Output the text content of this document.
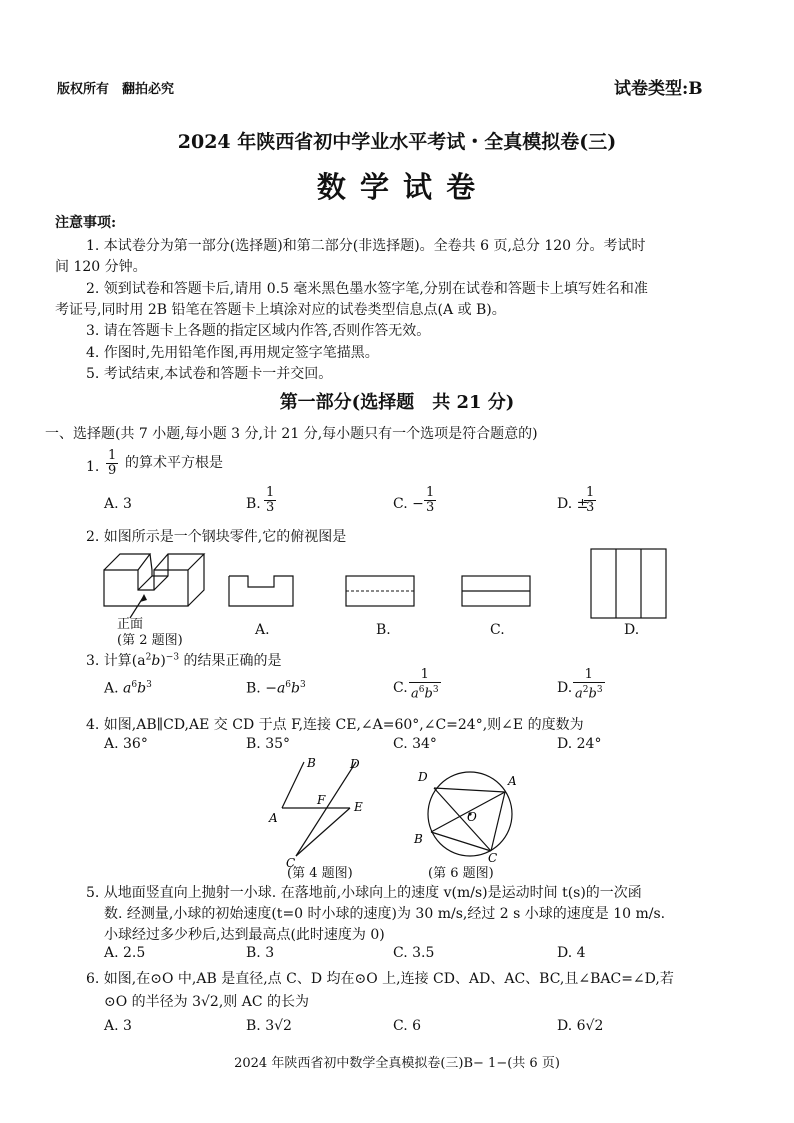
版权所有　翻拍必究	试卷类型:B
2024 年陕西省初中学业水平考试・全真模拟卷(三)
数 学 试 卷
注意事项:
1. 本试卷分为第一部分(选择题)和第二部分(非选择题)。全卷共 6 页,总分 120 分。考试时
间 120 分钟。
2. 领到试卷和答题卡后,请用 0.5 毫米黑色墨水签字笔,分别在试卷和答题卡上填写姓名和准
考证号,同时用 2B 铅笔在答题卡上填涂对应的试卷类型信息点(A 或 B)。
3. 请在答题卡上各题的指定区域内作答,否则作答无效。
4. 作图时,先用铅笔作图,再用规定签字笔描黑。
5. 考试结束,本试卷和答题卡一并交回。
第一部分(选择题　共 21 分)
一、选择题(共 7 小题,每小题 3 分,计 21 分,每小题只有一个选项是符合题意的)
1. $\frac{1}{9}$ 的算术平方根是
A. 3	B. $\frac{1}{3}$	C. − $\frac{1}{3}$	D. ±
$\frac{1}{3}$
2. 如图所示是一个钢块零件,它的俯视图是
正面
(第 2 题图)
A.	B.	C.	D.
3. 计算$(a^2b)^{-3}$ 的结果正确的是
A. $a^6b^3$	B. $-a^6b^3$	C. $\frac{1}{a^6b^3}$	D. $\frac{1}{a^2b^3}$
4. 如图,AB∥CD,AE 交 CD 于点 F,连接 CE,∠A=60°,∠C=24°,则∠E 的度数为
A. 36°	B. 35°	C. 34°	D. 24°
B	D
A
F E
C
(第 4 题图)
D	A
O
B
C
(第 6 题图)
5. 从地面竖直向上抛射一小球. 在落地前,小球向上的速度 v(m/s)是运动时间 t(s)的一次函
数. 经测量,小球的初始速度(t=0 时小球的速度)为 30 m/s,经过 2 s 小球的速度是 10 m/s.
小球经过多少秒后,达到最高点(此时速度为 0)
A. 2.5	B. 3	C. 3.5	D. 4
6. 如图,在⊙O 中,AB 是直径,点 C、D 均在⊙O 上,连接 CD、AD、AC、BC,且∠BAC=∠D,若
⊙O 的半径为 3√2,则 AC 的长为
A. 3	B. 3√2	C. 6	D. 6√2
2024 年陕西省初中数学全真模拟卷(三)B− 1−(共 6 页)
